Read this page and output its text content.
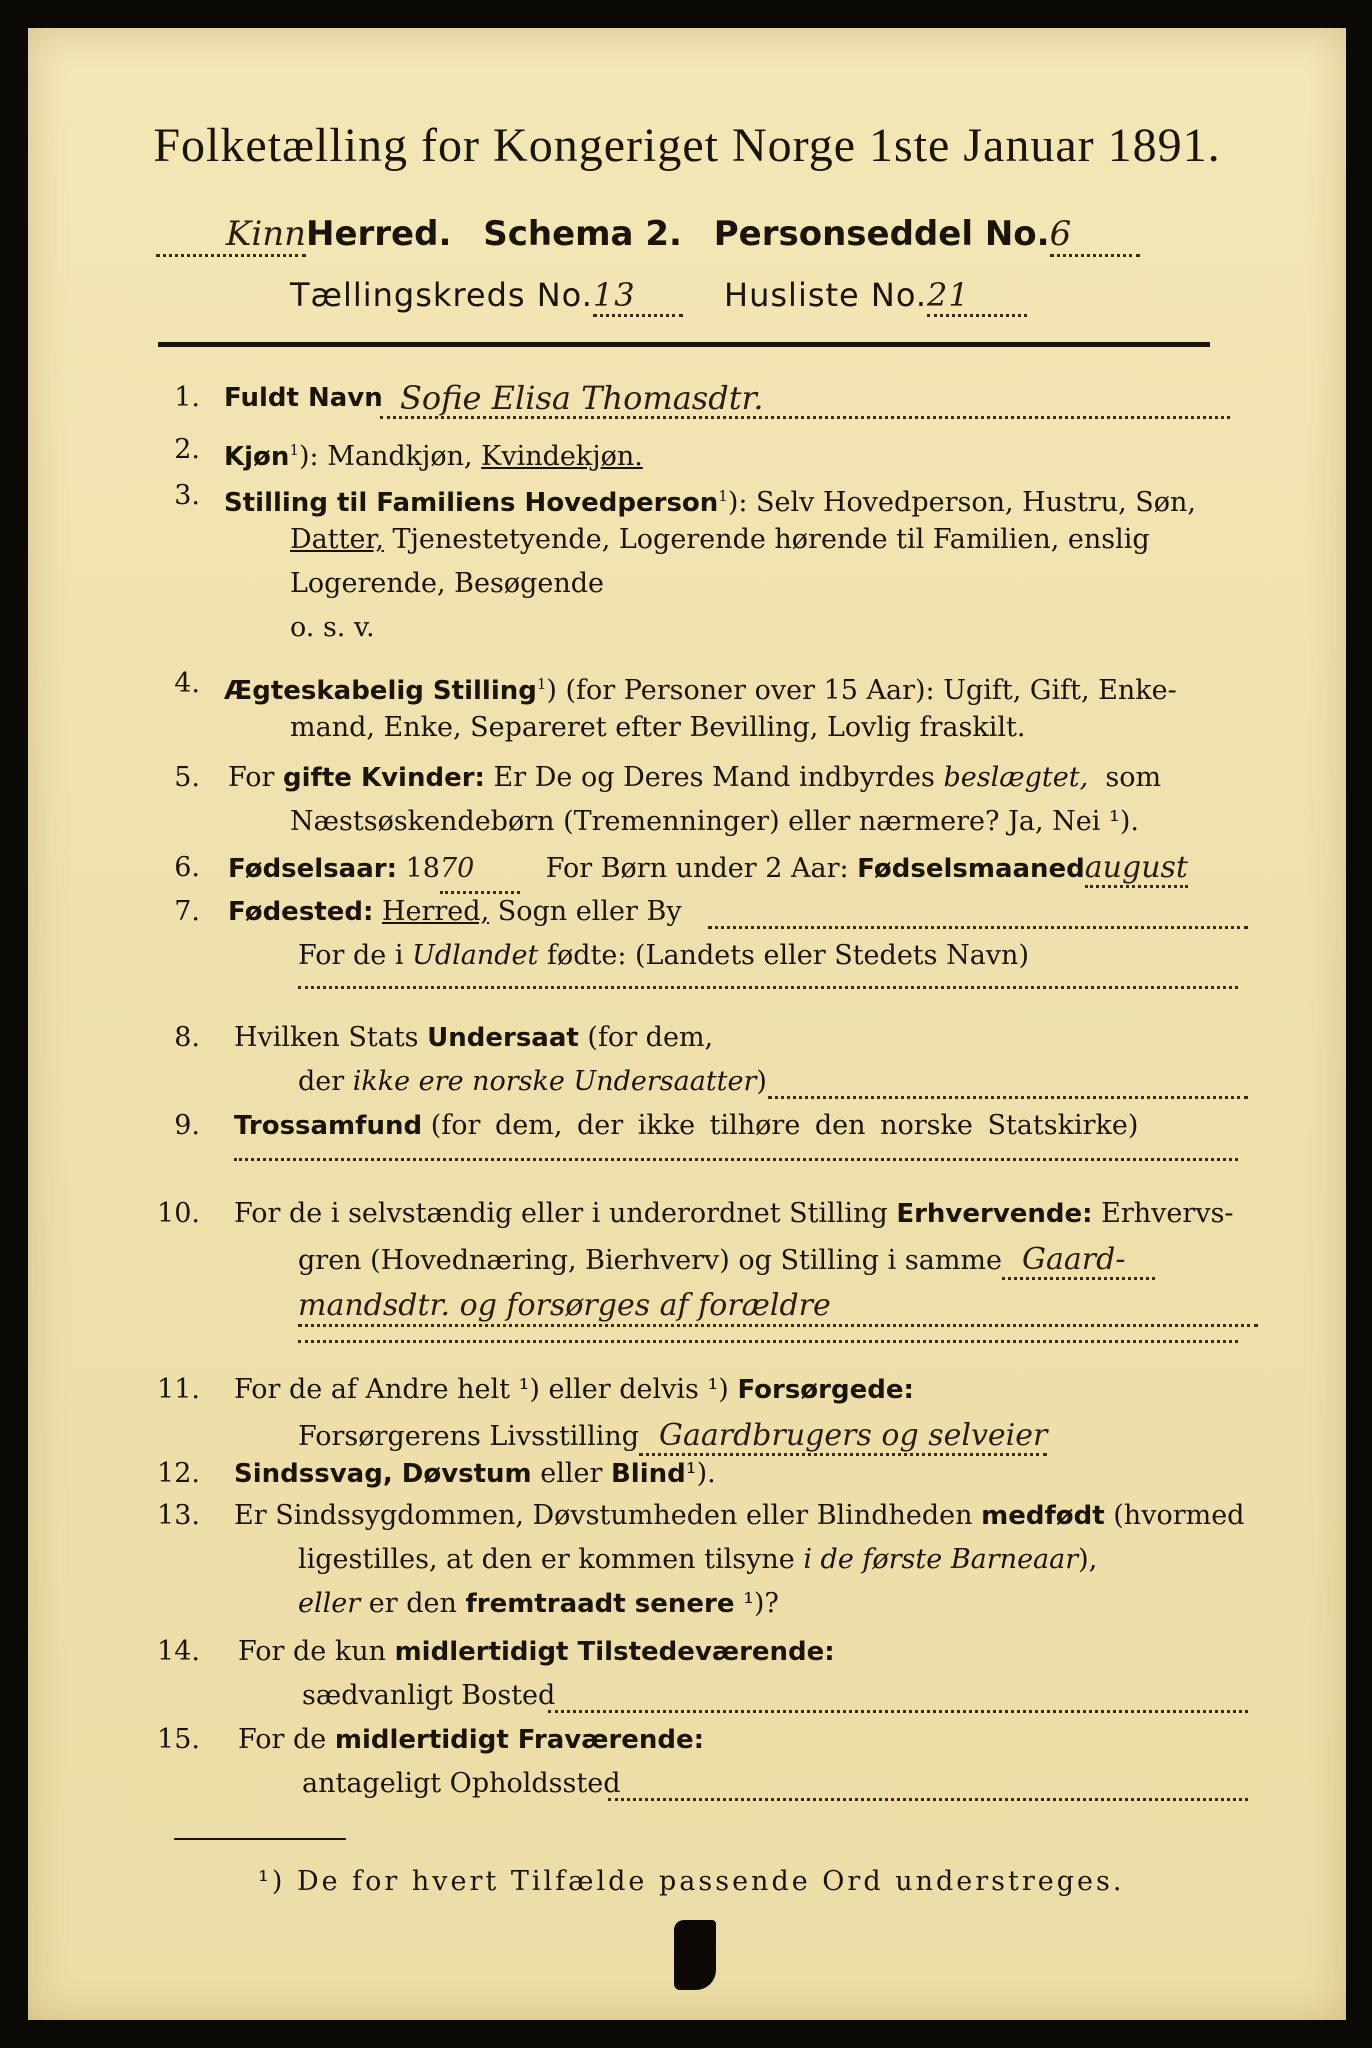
Folketælling for Kongeriget Norge 1ste Januar 1891.
KinnHerred. Schema 2. Personseddel No.6
Tællingskreds No.13	Husliste No.21
1. Fuldt Navn Sofie Elisa Thomasdtr.
2. Kjøn$^1$): Mandkjøn, Kvindekjøn.
3. Stilling til Familiens Hovedperson$^1$): Selv Hovedperson, Hustru, Søn,
Datter, Tjenestetyende, Logerende hørende til Familien, enslig
Logerende, Besøgende
o. s. v.
4. Ægteskabelig Stilling$^1$) (for Personer over 15 Aar): Ugift, Gift, Enke-
mand, Enke, Separeret efter Bevilling, Lovlig fraskilt.
5. For gifte Kvinder: Er De og Deres Mand indbyrdes beslægtet, som
Næstsøskendebørn (Tremenninger) eller nærmere? Ja, Nei ¹).
6. Fødselsaar: 1870	For Børn under 2 Aar: Fødselsmaanedaugust
7. Fødested: Herred, Sogn eller By
For de i Udlandet fødte: (Landets eller Stedets Navn)
8. Hvilken Stats Undersaat (for dem,
der ikke ere norske Undersaatter)
9. Trossamfund (for dem, der ikke tilhøre den norske Statskirke)
10. For de i selvstændig eller i underordnet Stilling Erhvervende: Erhvervs-
gren (Hovednæring, Bierhverv) og Stilling i samme Gaard-
mandsdtr. og forsørges af forældre
11. For de af Andre helt ¹) eller delvis ¹) Forsørgede:
Forsørgerens Livsstilling Gaardbrugers og selveier
12. Sindssvag, Døvstum eller Blind¹).
13. Er Sindssygdommen, Døvstumheden eller Blindheden medfødt (hvormed
ligestilles, at den er kommen tilsyne i de første Barneaar),
eller er den fremtraadt senere ¹)?
14. For de kun midlertidigt Tilstedeværende:
sædvanligt Bosted
15. For de midlertidigt Fraværende:
antageligt Opholdssted
¹) De for hvert Tilfælde passende Ord understreges.
